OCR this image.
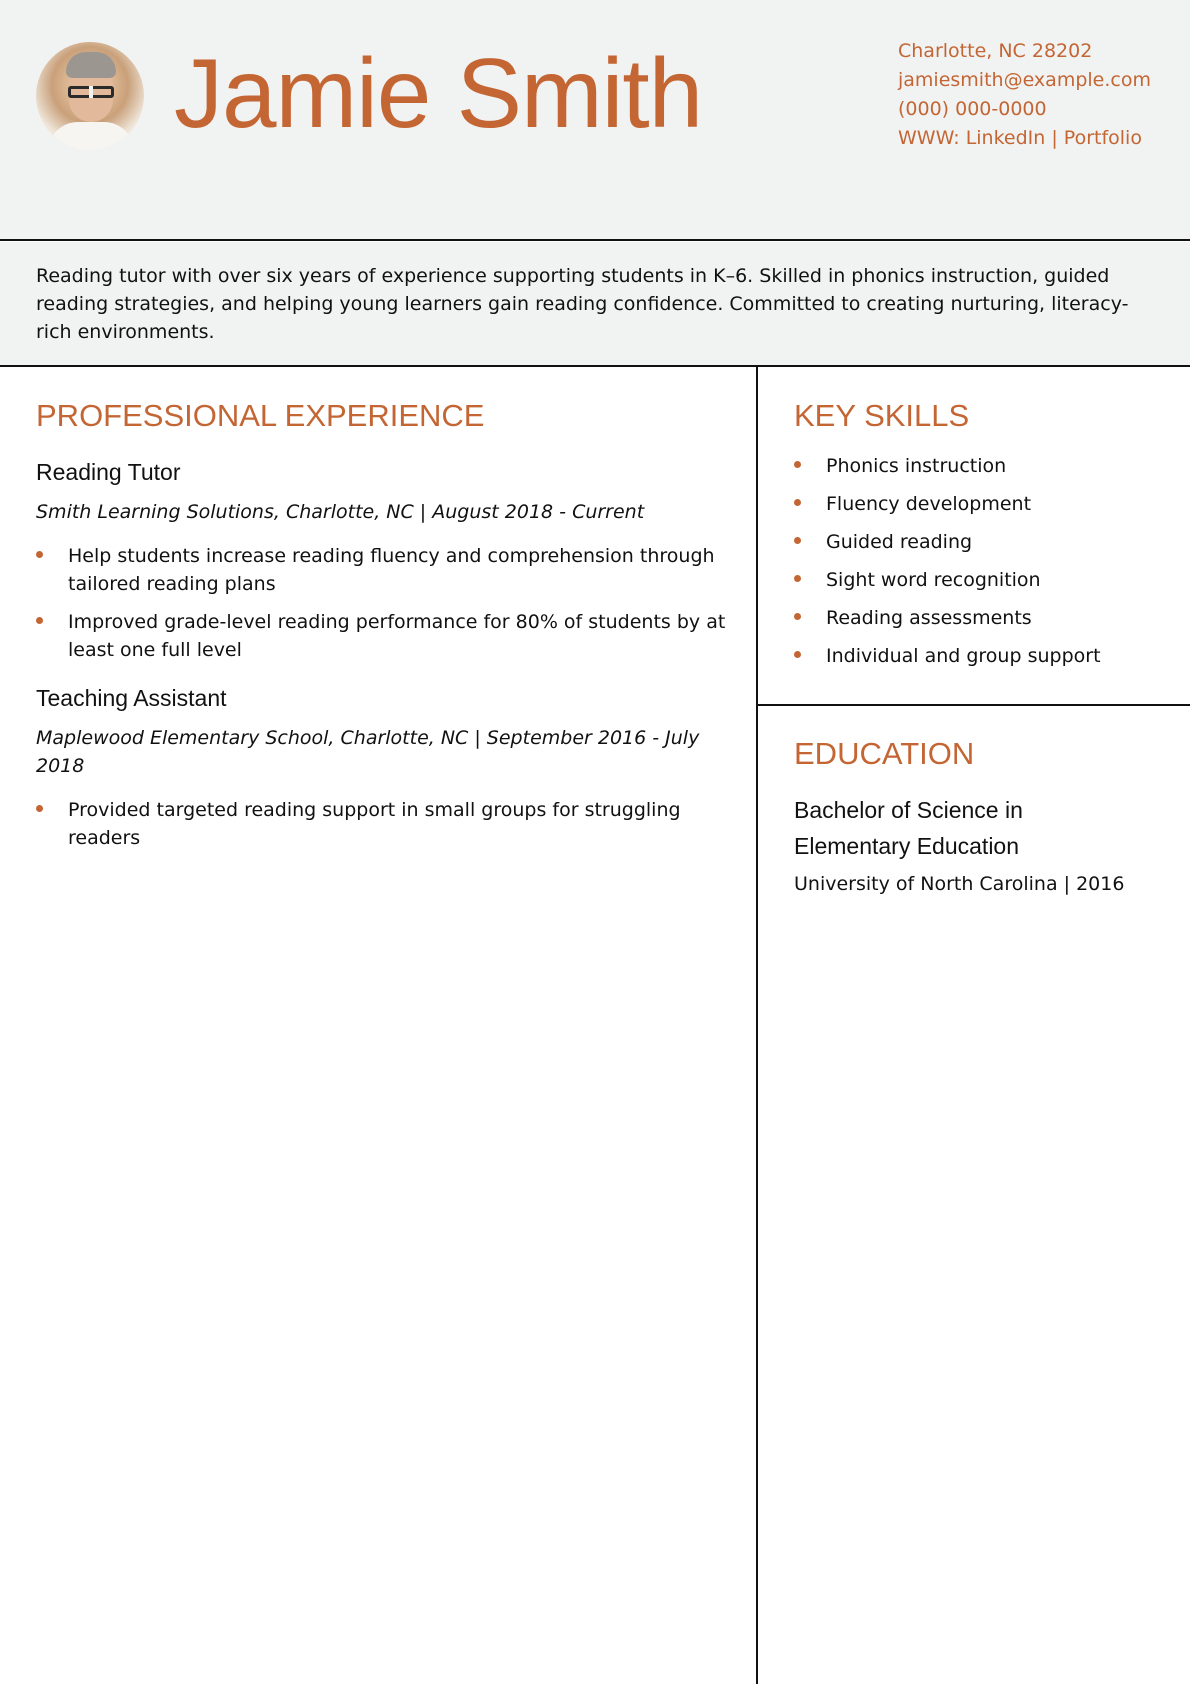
Jamie Smith	Charlotte, NC 28202
jamiesmith@example.com
(000) 000-0000
WWW: LinkedIn | Portfolio

Reading tutor with over six years of experience supporting students in K–6. Skilled in phonics instruction, guided reading strategies, and helping young learners gain reading confidence. Committed to creating nurturing, literacy-rich environments.

PROFESSIONAL EXPERIENCE
Reading Tutor
Smith Learning Solutions, Charlotte, NC | August 2018 - Current
Help students increase reading fluency and comprehension through tailored reading plans
Improved grade-level reading performance for 80% of students by at least one full level
Teaching Assistant
Maplewood Elementary School, Charlotte, NC | September 2016 - July 2018
Provided targeted reading support in small groups for struggling readers
KEY SKILLS
Phonics instruction
Fluency development
Guided reading
Sight word recognition
Reading assessments
Individual and group support
EDUCATION
Bachelor of Science in Elementary Education
University of North Carolina | 2016
